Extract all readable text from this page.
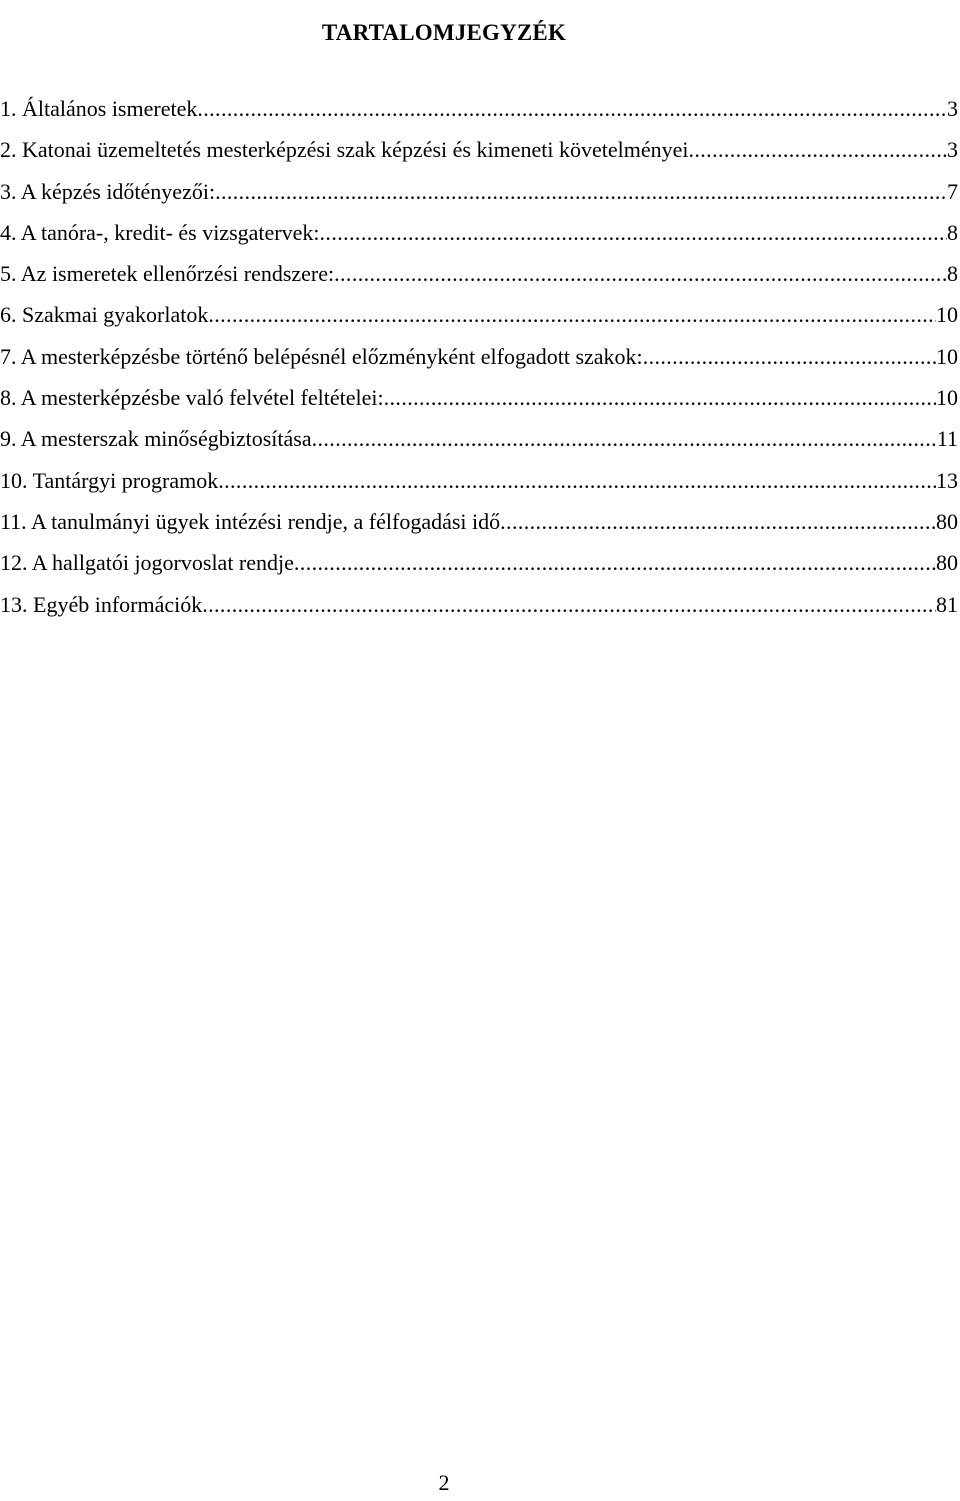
TARTALOMJEGYZÉK
1. Általános ismeretek .....	3
2. Katonai üzemeltetés mesterképzési szak képzési és kimeneti követelményei .....	3
3. A képzés időtényezői: .....	7
4. A tanóra-, kredit- és vizsgatervek: .....	8
5. Az ismeretek ellenőrzési rendszere: .....	8
6. Szakmai gyakorlatok .....	10
7. A mesterképzésbe történő belépésnél előzményként elfogadott szakok: .....	10
8. A mesterképzésbe való felvétel feltételei: .....	10
9. A mesterszak minőségbiztosítása .....	11
10. Tantárgyi programok .....	13
11. A tanulmányi ügyek intézési rendje, a félfogadási idő .....	80
12. A hallgatói jogorvoslat rendje .....	80
13. Egyéb információk .....	81
2
